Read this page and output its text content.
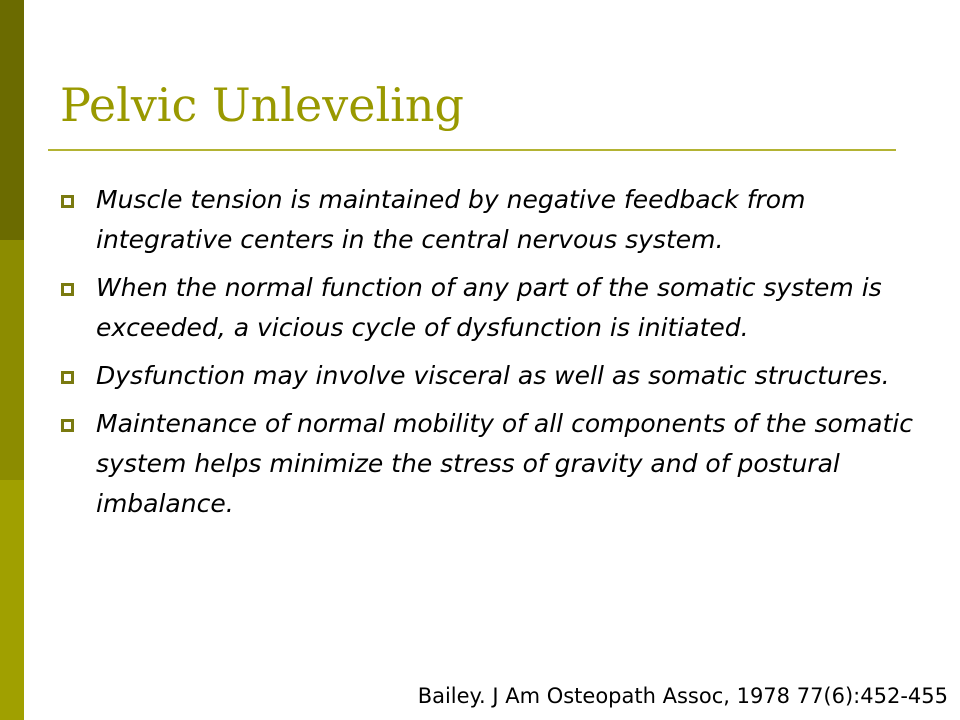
Pelvic Unleveling
Muscle tension is maintained by negative feedback from integrative centers in the central nervous system.
When the normal function of any part of the somatic system is exceeded, a vicious cycle of dysfunction is initiated.
Dysfunction may involve visceral as well as somatic structures.
Maintenance of normal mobility of all components of the somatic system helps minimize the stress of gravity and of postural imbalance.
Bailey. J Am Osteopath Assoc, 1978 77(6):452-455
